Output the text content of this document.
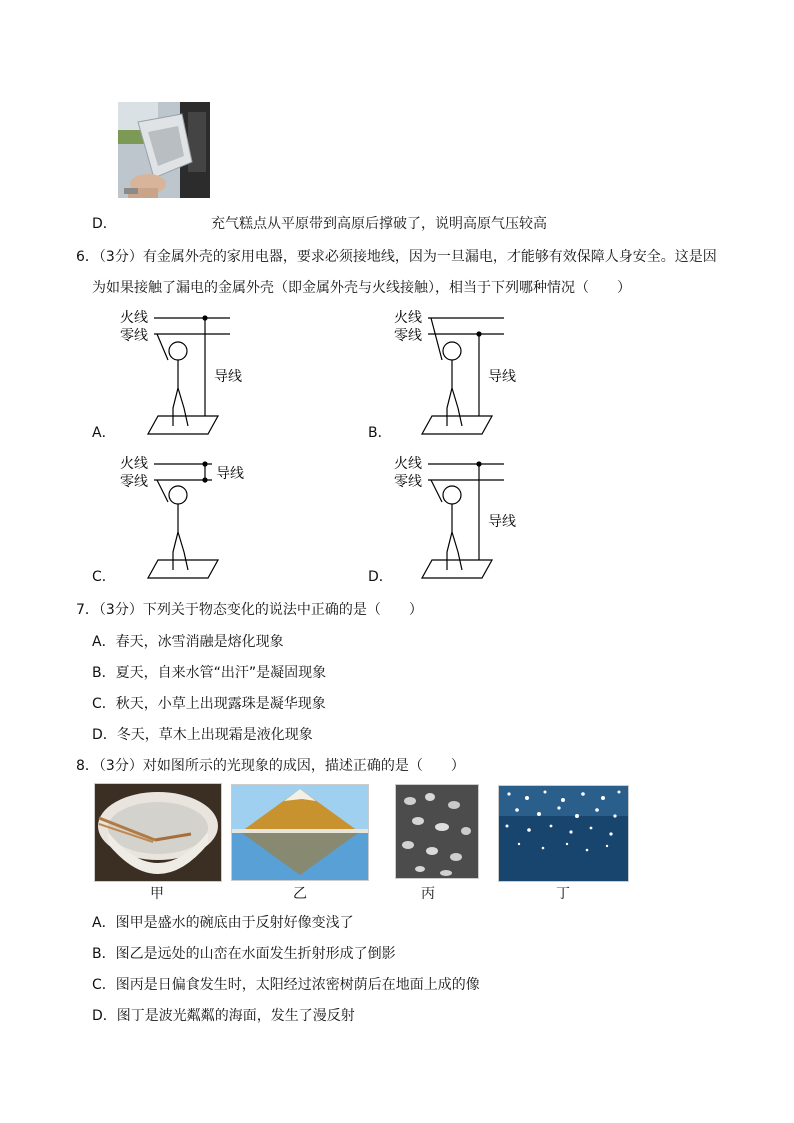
D．	充气糕点从平原带到高原后撑破了，说明高原气压较高
6．（3分）有金属外壳的家用电器，要求必须接地线，因为一旦漏电，才能够有效保障人身安全。这是因
为如果接触了漏电的金属外壳（即金属外壳与火线接触），相当于下列哪种情况（　　）
火线
零线
导线
A．
火线
零线
导线
B．
火线
零线	导线
C．
火线
零线
导线
D．
7．（3分）下列关于物态变化的说法中正确的是（　　）
A．春天，冰雪消融是熔化现象
B．夏天，自来水管“出汗”是凝固现象
C．秋天，小草上出现露珠是凝华现象
D．冬天，草木上出现霜是液化现象
8．（3分）对如图所示的光现象的成因，描述正确的是（　　）
甲	乙	丙	丁
A．图甲是盛水的碗底由于反射好像变浅了
B．图乙是远处的山峦在水面发生折射形成了倒影
C．图丙是日偏食发生时，太阳经过浓密树荫后在地面上成的像
D．图丁是波光粼粼的海面，发生了漫反射
